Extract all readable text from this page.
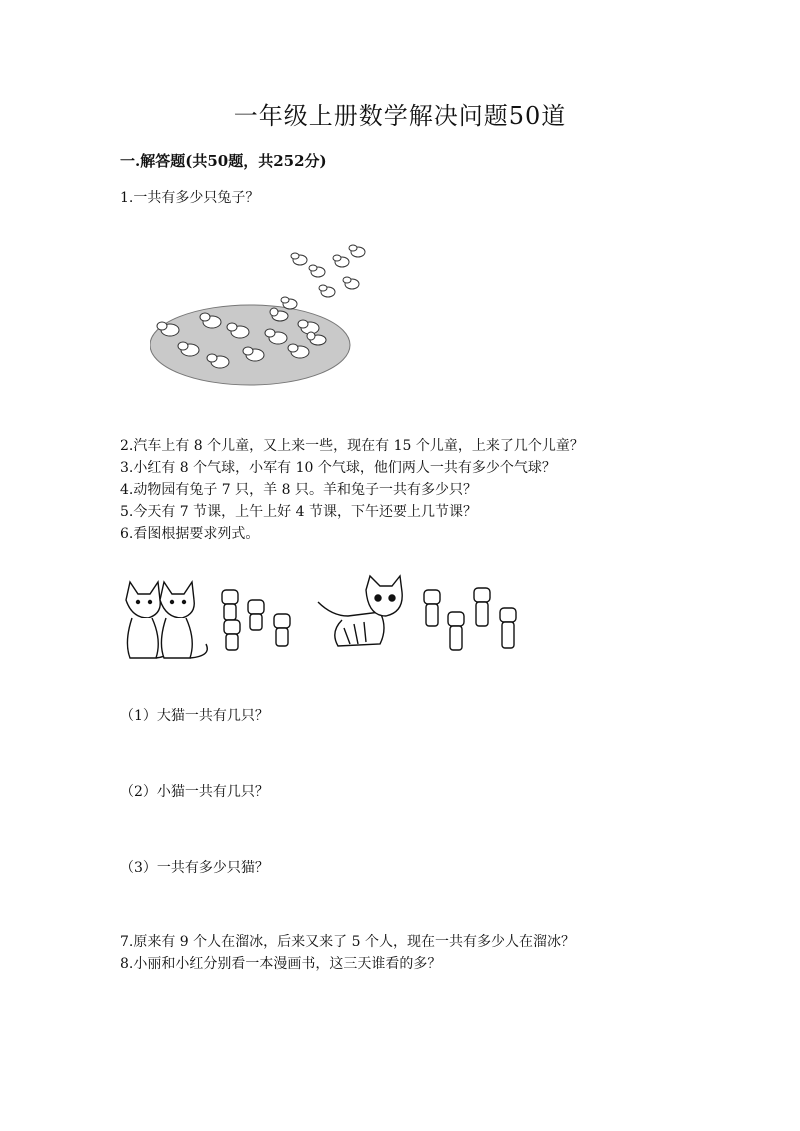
一年级上册数学解决问题50道
一.解答题(共50题，共252分)
1.一共有多少只兔子？
2.汽车上有 8 个儿童，又上来一些，现在有 15 个儿童，上来了几个儿童？
3.小红有 8 个气球，小军有 10 个气球，他们两人一共有多少个气球？
4.动物园有兔子 7 只，羊 8 只。羊和兔子一共有多少只？
5.今天有 7 节课，上午上好 4 节课，下午还要上几节课？
6.看图根据要求列式。
（1）大猫一共有几只？
（2）小猫一共有几只？
（3）一共有多少只猫？
7.原来有 9 个人在溜冰，后来又来了 5 个人，现在一共有多少人在溜冰？
8.小丽和小红分别看一本漫画书，这三天谁看的多？
